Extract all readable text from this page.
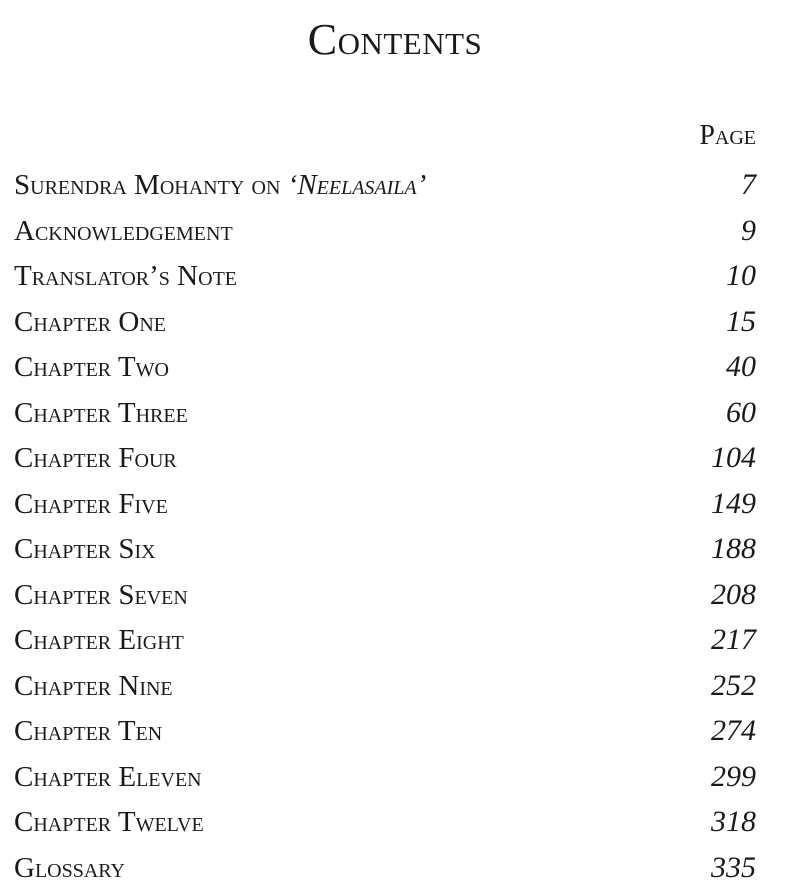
Contents
Page
Surendra Mohanty on ‘Neelasaila’	7
Acknowledgement	9
Translator’s Note	10
Chapter One	15
Chapter Two	40
Chapter Three	60
Chapter Four	104
Chapter Five	149
Chapter Six	188
Chapter Seven	208
Chapter Eight	217
Chapter Nine	252
Chapter Ten	274
Chapter Eleven	299
Chapter Twelve	318
Glossary	335
